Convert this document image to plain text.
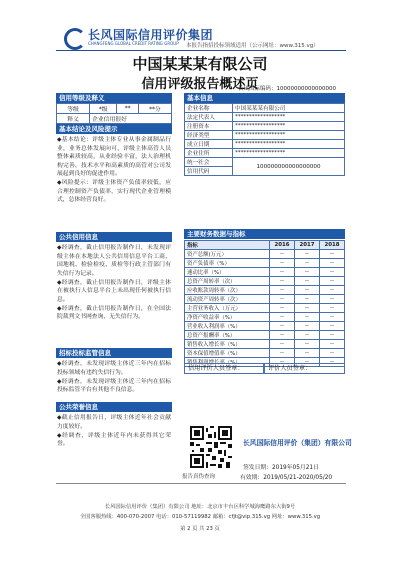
长风国际信用评价集团
CHANGFENG GLOBAL CREDIT RATING GROUP 本报告指招投标领域适用（公示网址：www.315.vg）
中国某某某有限公司
信用评级报告概述页
长风国际编码：10000000000000000
信用等级及释义
等级	*级	**	**分
释义	企业信用很好		
基本结论及风险提示

◆基本结论：评级主体专业从事金属制品行业，业务总体发展向可，评级主体高管人员整体素质较高，从业经验丰富，法人治理机构完善，技术水平和高素质的高管对公司发展起到良好的促进作用。

◆风险提示：评级主体资产负债率较低，应合理控制资产负债率，实行现代企业管理模式，总体经营良好。

公共信用信息

◆经调查，截止信用报告制作日，未发现评级主体在本地法人公共信用信息平台工商、国地税、检验检疫、质检等行政主管部门有失信行为记录。

◆经调查，截止信用报告制作日，评级主体在被执行人信息平台上未出现任何被执行信息。

◆经调查，截止信用报告制作日，在全国法院裁判文书网查询，无失信行为。

招标投标监管信息

◆经调查，未发现评级主体近三年内在招标投标领域有违约失信行为。

◆经调查，未发现评级主体近三年内在招标投标监管平台有其他不良信息。

公共荣誉信息

◆截止信用报告日，评级主体近年社会贡献力度较好。

◆经调查，评级主体近年内未获得其它荣誉。

基本信息
企业名称	中国某某某有限公司
法定代表人	******************
注册资本	******************
经济类型	******************
成立日期	******************
企业住所	******************
统一社会	100000000000000000
信用代码	
主要财务数据与指标
指标	2016	2017	2018
资产总额(万元）	--	--	--
资产负债率（%）	--	--	--
速动比率（%）	--	--	--
总资产周转率（次）	--	--	--
应收账款周转率（次）	--	--	--
流动资产周转率（次）	--	--	--
主营业务收入（万元）	--	--	--
净资产收益率（%）	--	--	--
营业收入利润率（%）	--	--	--
总资产报酬率（%）	--	--	--
销售收入增长率（%）	--	--	--
资本保值增值率（%）	--	--	--
销售利润增长率（%）	--	--	--
信用评价人员签章：	评价人员签章：
报告真伪查询
长风国际信用评价（集团）有限公司
签发日期：2019年05月21日
有效期：2019/05/21-2020/05/20
长风国际信用评价（集团）有限公司 地址：北京市丰台区科学城海鹰路东大街9号
全国客服热线：400-070-2007 电话：010-57119982 邮箱：cfjt@vip.315.vg 网址：www.315.vg
第 2 页 共 23 页
